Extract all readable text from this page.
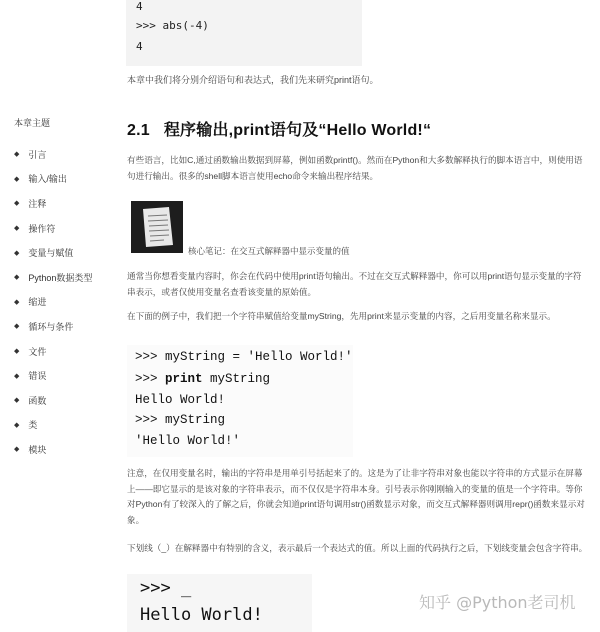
4
>>> abs(-4)
4
本章中我们将分别介绍语句和表达式，我们先来研究print语句。
本章主题
◆ 引言
◆ 输入/输出
◆ 注释
◆ 操作符
◆ 变量与赋值
◆ Python数据类型
◆ 缩进
◆ 循环与条件
◆ 文件
◆ 错误
◆ 函数
◆ 类
◆ 模块
2.1 程序输出,print语句及“Hello World!“

有些语言，比如C,通过函数输出数据到屏幕，例如函数printf()。然而在Python和大多数解释执行的脚本语言中，则使用语句进行输出。很多的shell脚本语言使用echo命令来输出程序结果。

核心笔记：在交互式解释器中显示变量的值

通常当你想看变量内容时，你会在代码中使用print语句输出。不过在交互式解释器中，你可以用print语句显示变量的字符串表示，或者仅使用变量名查看该变量的原始值。

在下面的例子中，我们把一个字符串赋值给变量myString，先用print来显示变量的内容，之后用变量名称来显示。

>>> myString = 'Hello World!'
>>> print myString
Hello World!
>>> myString
'Hello World!'

注意，在仅用变量名时，输出的字符串是用单引号括起来了的。这是为了让非字符串对象也能以字符串的方式显示在屏幕上——即它显示的是该对象的字符串表示，而不仅仅是字符串本身。引号表示你刚刚输入的变量的值是一个字符串。等你对Python有了较深入的了解之后，你就会知道print语句调用str()函数显示对象，而交互式解释器则调用repr()函数来显示对象。

下划线（_）在解释器中有特别的含义，表示最后一个表达式的值。所以上面的代码执行之后，下划线变量会包含字符串。

>>> _
Hello World!
知乎 @Python老司机
